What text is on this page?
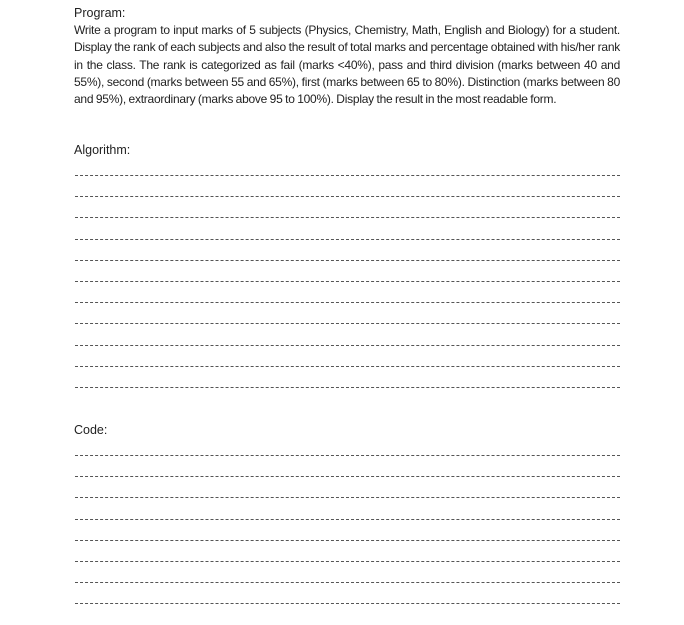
Program:
Write a program to input marks of 5 subjects (Physics, Chemistry, Math, English and Biology) for a student. Display the rank of each subjects and also the result of total marks and percentage obtained with his/her rank in the class. The rank is categorized as fail (marks <40%), pass and third division (marks between 40 and 55%), second (marks between 55 and 65%), first (marks between 65 to 80%). Distinction (marks between 80 and 95%), extraordinary (marks above 95 to 100%). Display the result in the most readable form.
Algorithm:
Code:
